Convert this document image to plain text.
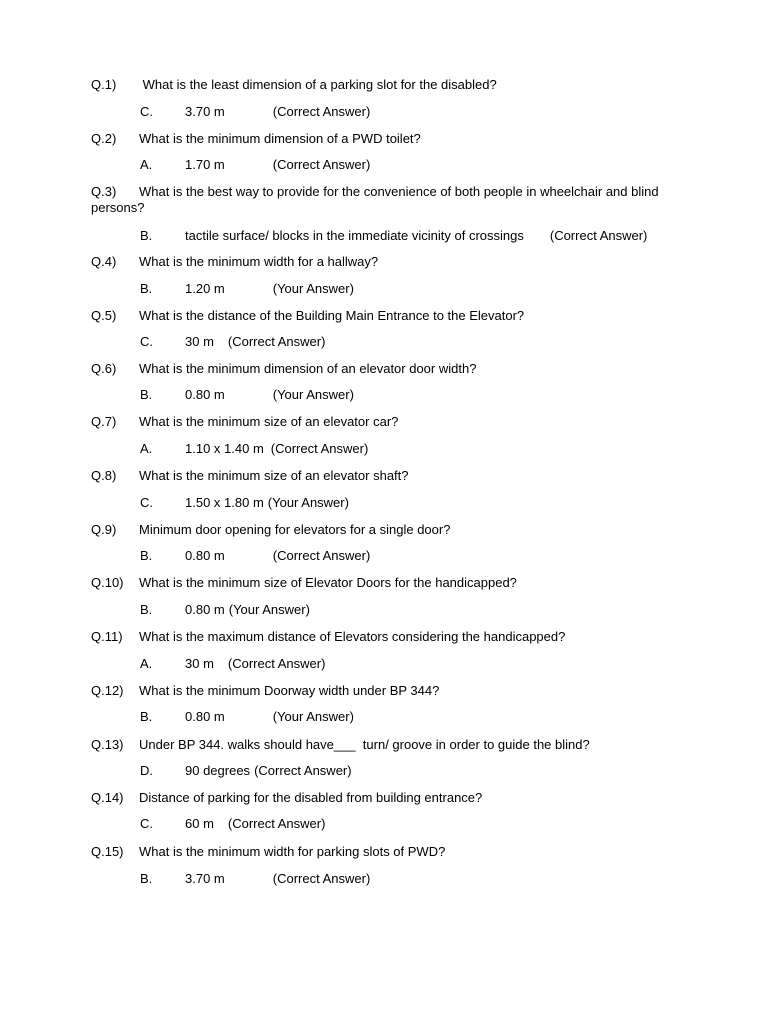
Q.1) What is the least dimension of a parking slot for the disabled?
C. 3.70 m	(Correct Answer)
Q.2) What is the minimum dimension of a PWD toilet?
A.	1.70 m	(Correct Answer)
Q.3) What is the best way to provide for the convenience of both people in wheelchair and blind persons?
B.	tactile surface/ blocks in the immediate vicinity of crossings (Correct Answer)
Q.4) What is the minimum width for a hallway?
B.	1.20 m	(Your Answer)
Q.5) What is the distance of the Building Main Entrance to the Elevator?
C. 30 m (Correct Answer)
Q.6) What is the minimum dimension of an elevator door width?
B.	0.80 m	(Your Answer)
Q.7) What is the minimum size of an elevator car?
A.	1.10 x 1.40 m (Correct Answer)
Q.8) What is the minimum size of an elevator shaft?
C. 1.50 x 1.80 m (Your Answer)
Q.9) Minimum door opening for elevators for a single door?
B.	0.80 m	(Correct Answer)
Q.10) What is the minimum size of Elevator Doors for the handicapped?
B.	0.80 m (Your Answer)
Q.11) What is the maximum distance of Elevators considering the handicapped?
A.	30 m (Correct Answer)
Q.12) What is the minimum Doorway width under BP 344?
B.	0.80 m	(Your Answer)
Q.13) Under BP 344. walks should have___  turn/ groove in order to guide the blind?
D. 90 degrees (Correct Answer)
Q.14) Distance of parking for the disabled from building entrance?
C. 60 m (Correct Answer)
Q.15) What is the minimum width for parking slots of PWD?
B.	3.70 m	(Correct Answer)
